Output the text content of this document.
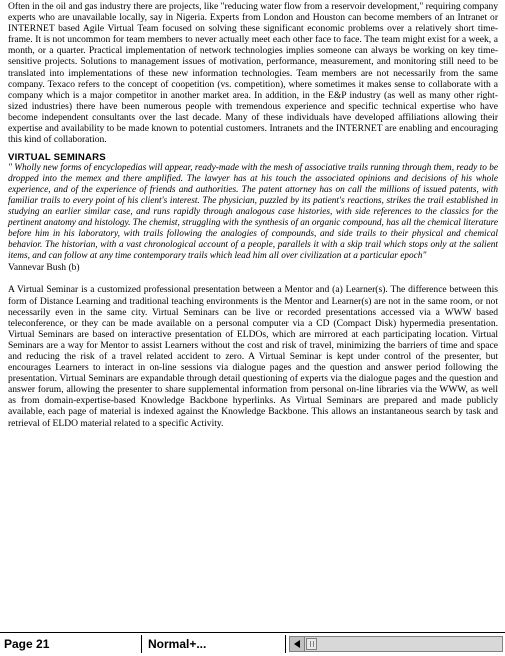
Often in the oil and gas industry there are projects, like "reducing water flow from a reservoir development," requiring company experts who are unavailable locally, say in Nigeria. Experts from London and Houston can become members of an Intranet or INTERNET based Agile Virtual Team focused on solving these significant economic problems over a relatively short time-frame. It is not uncommon for team members to never actually meet each other face to face. The team might exist for a week, a month, or a quarter. Practical implementation of network technologies implies someone can always be working on key time-sensitive projects. Solutions to management issues of motivation, performance, measurement, and monitoring still need to be translated into implementations of these new information technologies. Team members are not necessarily from the same company. Texaco refers to the concept of coopetition (vs. competition), where sometimes it makes sense to collaborate with a company which is a major competitor in another market area. In addition, in the E&P industry (as well as many other right-sized industries) there have been numerous people with tremendous experience and specific technical expertise who have become independent consultants over the last decade. Many of these individuals have developed affiliations allowing their expertise and availability to be made known to potential customers. Intranets and the INTERNET are enabling and encouraging this kind of collaboration.

VIRTUAL SEMINARS

" Wholly new forms of encyclopedias will appear, ready-made with the mesh of associative trails running through them, ready to be dropped into the memex and there amplified. The lawyer has at his touch the associated opinions and decisions of his whole experience, and of the experience of friends and authorities. The patent attorney has on call the millions of issued patents, with familiar trails to every point of his client's interest. The physician, puzzled by its patient's reactions, strikes the trail established in studying an earlier similar case, and runs rapidly through analogous case histories, with side references to the classics for the pertinent anatomy and histology. The chemist, struggling with the synthesis of an organic compound, has all the chemical literature before him in his laboratory, with trails following the analogies of compounds, and side trails to their physical and chemical behavior. The historian, with a vast chronological account of a people, parallels it with a skip trail which stops only at the salient items, and can follow at any time contemporary trails which lead him all over civilization at a particular epoch"

Vannevar Bush (b)

A Virtual Seminar is a customized professional presentation between a Mentor and (a) Learner(s). The difference between this form of Distance Learning and traditional teaching environments is the Mentor and Learner(s) are not in the same room, or not necessarily even in the same city. Virtual Seminars can be live or recorded presentations accessed via a WWW based teleconference, or they can be made available on a personal computer via a CD (Compact Disk) hypermedia presentation. Virtual Seminars are based on interactive presentation of ELDOs, which are mirrored at each participating location. Virtual Seminars are a way for Mentor to assist Learners without the cost and risk of travel, minimizing the barriers of time and space and reducing the risk of a travel related accident to zero. A Virtual Seminar is kept under control of the presenter, but encourages Learners to interact in on-line sessions via dialogue pages and the question and answer period following the presentation. Virtual Seminars are expandable through detail questioning of experts via the dialogue pages and the question and answer forum, allowing the presenter to share supplemental information from personal on-line libraries via the WWW, as well as from domain-expertise-based Knowledge Backbone hyperlinks. As Virtual Seminars are prepared and made publicly available, each page of material is indexed against the Knowledge Backbone. This allows an instantaneous search by task and retrieval of ELDO material related to a specific Activity.

Page 21	Normal+...
